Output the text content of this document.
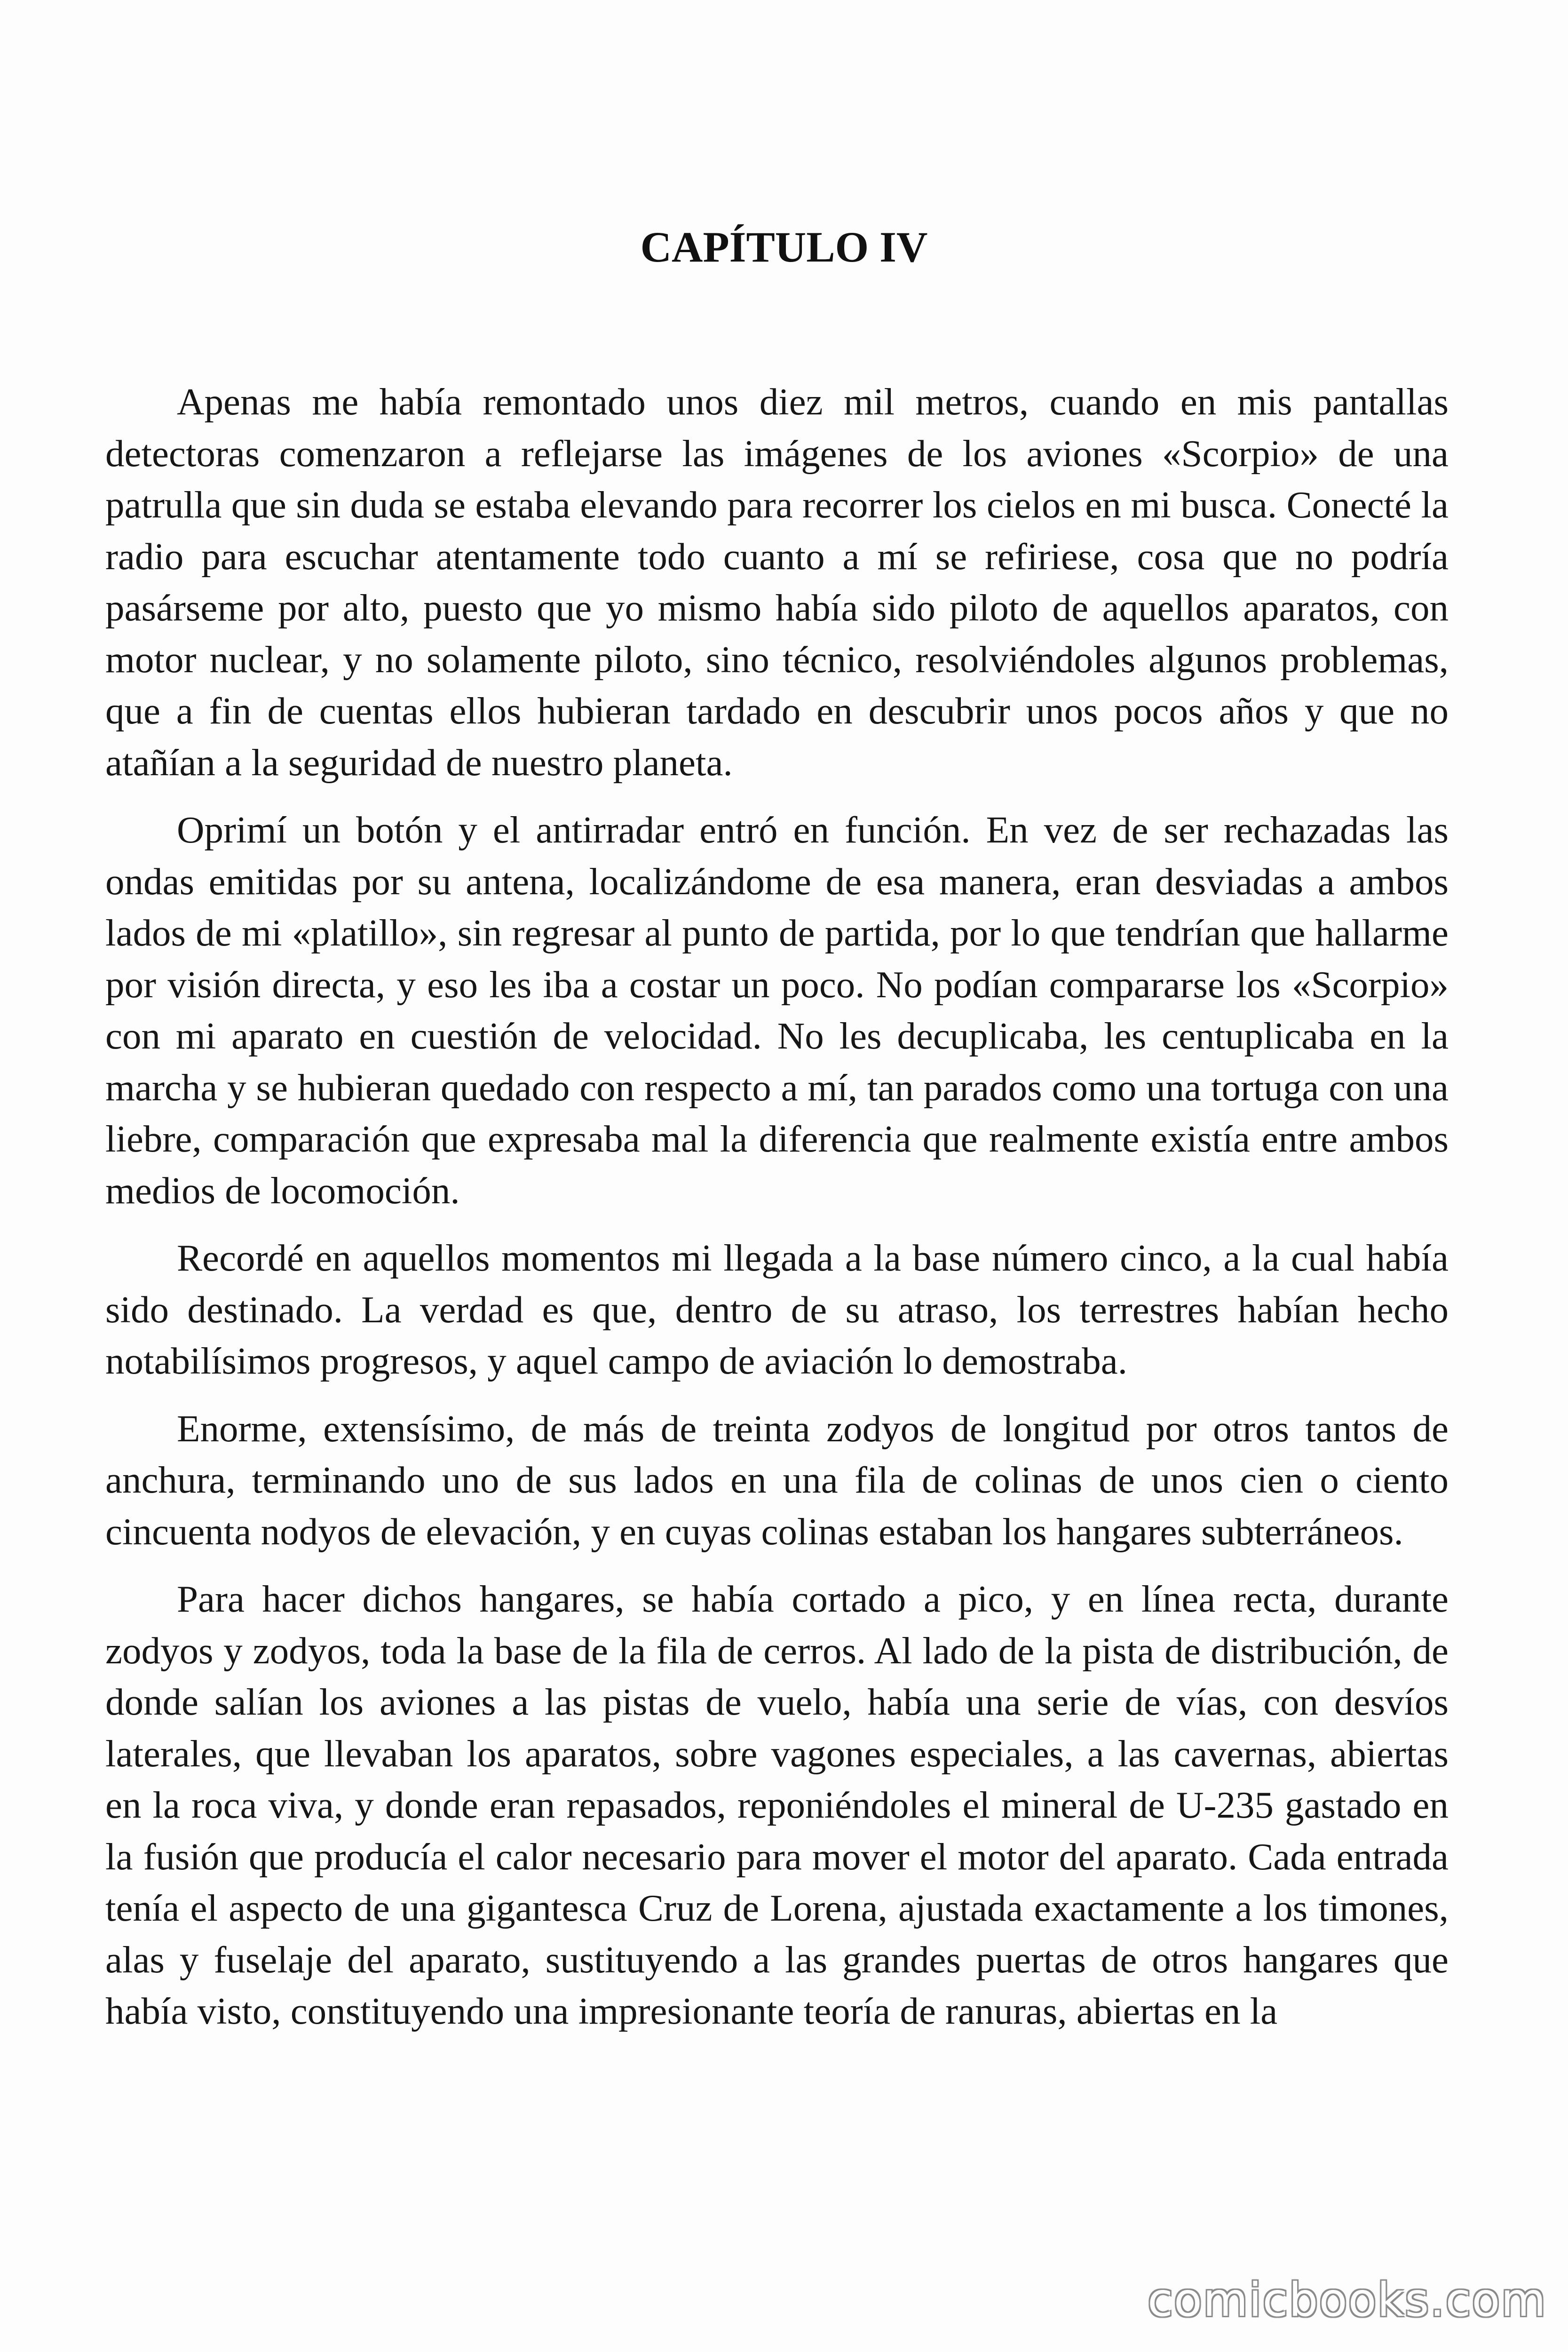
CAPÍTULO IV

Apenas me había remontado unos diez mil metros, cuando en mis pantallas detectoras comenzaron a reflejarse las imágenes de los aviones «Scorpio» de una patrulla que sin duda se estaba elevando para recorrer los cielos en mi busca. Conecté la radio para escuchar atentamente todo cuanto a mí se refiriese, cosa que no podría pasárseme por alto, puesto que yo mismo había sido piloto de aquellos aparatos, con motor nuclear, y no solamente piloto, sino técnico, resolviéndoles algunos problemas, que a fin de cuentas ellos hubieran tardado en descubrir unos pocos años y que no atañían a la seguridad de nuestro planeta.

Oprimí un botón y el antirradar entró en función. En vez de ser rechazadas las ondas emitidas por su antena, localizándome de esa manera, eran desviadas a ambos lados de mi «platillo», sin regresar al punto de partida, por lo que tendrían que hallarme por visión directa, y eso les iba a costar un poco. No podían compararse los «Scorpio» con mi aparato en cuestión de velocidad. No les decuplicaba, les centuplicaba en la marcha y se hubieran quedado con respecto a mí, tan parados como una tortuga con una liebre, comparación que expresaba mal la diferencia que realmente existía entre ambos medios de locomoción.

Recordé en aquellos momentos mi llegada a la base número cinco, a la cual había sido destinado. La verdad es que, dentro de su atraso, los terrestres habían hecho notabilísimos progresos, y aquel campo de aviación lo demostraba.

Enorme, extensísimo, de más de treinta zodyos de longitud por otros tantos de anchura, terminando uno de sus lados en una fila de colinas de unos cien o ciento cincuenta nodyos de elevación, y en cuyas colinas estaban los hangares subterráneos.

Para hacer dichos hangares, se había cortado a pico, y en línea recta, durante zodyos y zodyos, toda la base de la fila de cerros. Al lado de la pista de distribución, de donde salían los aviones a las pistas de vuelo, había una serie de vías, con desvíos laterales, que llevaban los aparatos, sobre vagones especiales, a las cavernas, abiertas en la roca viva, y donde eran repasados, reponiéndoles el mineral de U-235 gastado en la fusión que producía el calor necesario para mover el motor del aparato. Cada entrada tenía el aspecto de una gigantesca Cruz de Lorena, ajustada exactamente a los timones, alas y fuselaje del aparato, sustituyendo a las grandes puertas de otros hangares que había visto, constituyendo una impresionante teoría de ranuras, abiertas en la

comicbooks.com
